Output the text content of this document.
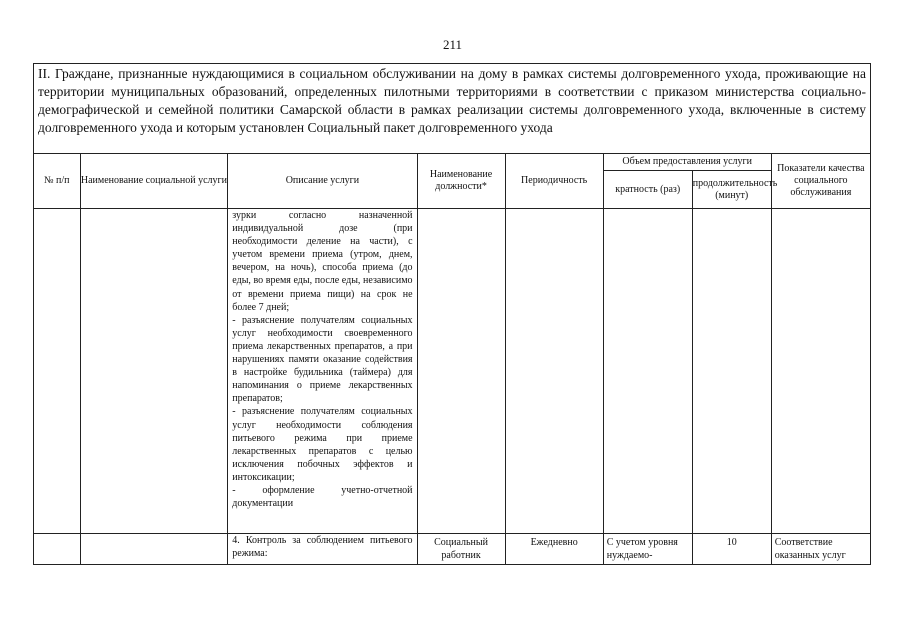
211
II. Граждане, признанные нуждающимися в социальном обслуживании на дому в рамках системы долговременного ухода, проживающие на территории муниципальных образований, определенных пилотными территориями в соответствии с приказом министерства социально-демографической и семейной политики Самарской области в рамках реализации системы долговременного ухода, включенные в систему долговременного ухода и которым установлен Социальный пакет долговременного ухода							
№ п/п	Наименование социальной услуги	Описание услуги	Наименование должности*	Периодичность	Объем предоставления услуги		Показатели качества социального обслуживания
					кратность (раз)	продолжительность (минут)	
		зурки согласно назначенной индивидуальной дозе (при необходимости деление на части), с учетом времени приема (утром, днем, вечером, на ночь), способа приема (до еды, во время еды, после еды, независимо от времени приема пищи) на срок не более 7 дней;
- разъяснение получателям социальных услуг необходимости своевременного приема лекарственных препаратов, а при нарушениях памяти оказание содействия в настройке будильника (таймера) для напоминания о приеме лекарственных препаратов;
- разъяснение получателям социальных услуг необходимости соблюдения питьевого режима при приеме лекарственных препаратов с целью исключения побочных эффектов и интоксикации;
- оформление учетно-отчетной документации					
		4. Контроль за соблюдением питьевого режима:	Социальный работник	Ежедневно	С учетом уровня нуждаемо-	10	Соответствие оказанных услуг
